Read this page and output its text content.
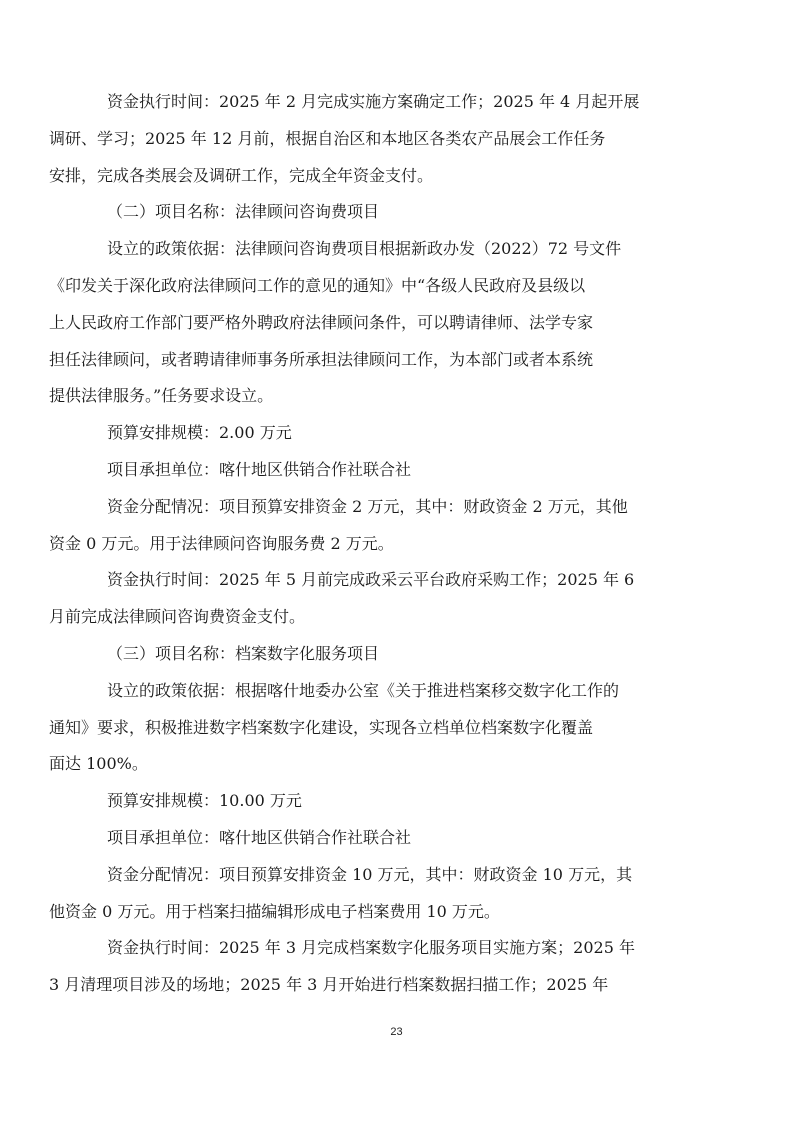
资金执行时间：2025 年 2 月完成实施方案确定工作；2025 年 4 月起开展
调研、学习；2025 年 12 月前，根据自治区和本地区各类农产品展会工作任务
安排，完成各类展会及调研工作，完成全年资金支付。
（二）项目名称：法律顾问咨询费项目
设立的政策依据：法律顾问咨询费项目根据新政办发（2022）72 号文件
《印发关于深化政府法律顾问工作的意见的通知》中“各级人民政府及县级以
上人民政府工作部门要严格外聘政府法律顾问条件，可以聘请律师、法学专家
担任法律顾问，或者聘请律师事务所承担法律顾问工作，为本部门或者本系统
提供法律服务。”任务要求设立。
预算安排规模：2.00 万元
项目承担单位：喀什地区供销合作社联合社
资金分配情况：项目预算安排资金 2 万元，其中：财政资金 2 万元，其他
资金 0 万元。用于法律顾问咨询服务费 2 万元。
资金执行时间：2025 年 5 月前完成政采云平台政府采购工作；2025 年 6
月前完成法律顾问咨询费资金支付。
（三）项目名称：档案数字化服务项目
设立的政策依据：根据喀什地委办公室《关于推进档案移交数字化工作的
通知》要求，积极推进数字档案数字化建设，实现各立档单位档案数字化覆盖
面达 100%。
预算安排规模：10.00 万元
项目承担单位：喀什地区供销合作社联合社
资金分配情况：项目预算安排资金 10 万元，其中：财政资金 10 万元，其
他资金 0 万元。用于档案扫描编辑形成电子档案费用 10 万元。
资金执行时间：2025 年 3 月完成档案数字化服务项目实施方案；2025 年
3 月清理项目涉及的场地；2025 年 3 月开始进行档案数据扫描工作；2025 年
23
